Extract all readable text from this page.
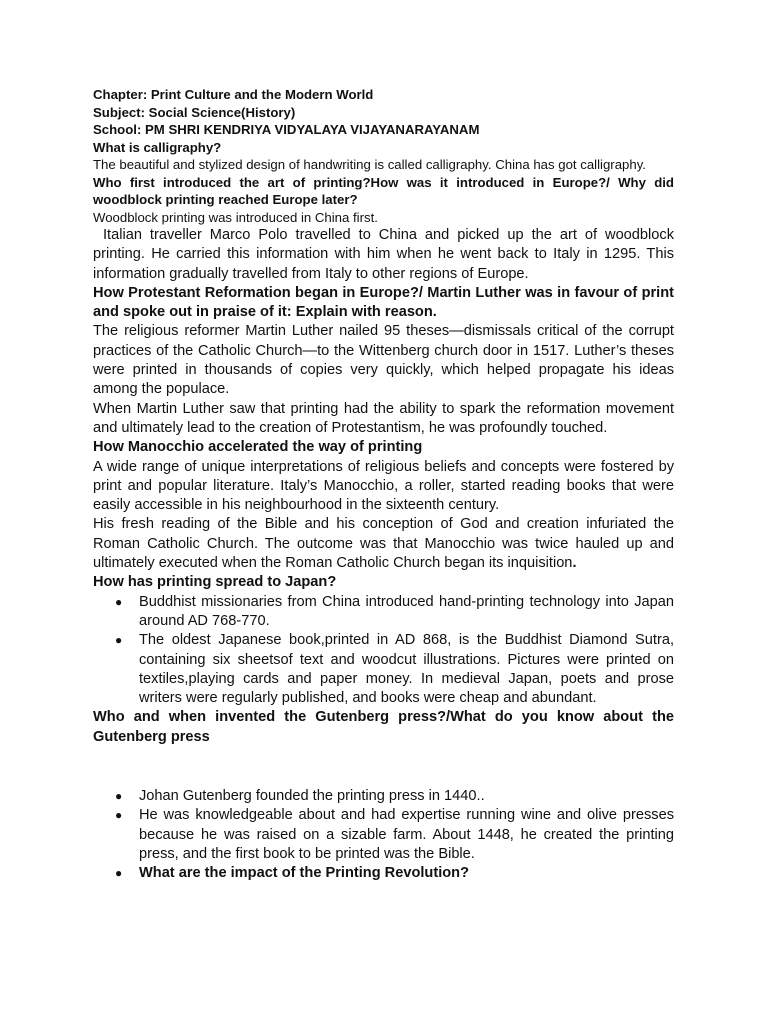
Chapter: Print Culture and the Modern World

Subject: Social Science(History)

School: PM SHRI KENDRIYA VIDYALAYA VIJAYANARAYANAM

What is calligraphy?

The beautiful and stylized design of handwriting is called calligraphy. China has got calligraphy.

Who first introduced the art of printing?How was it introduced in Europe?/ Why did woodblock printing reached Europe later?

Woodblock printing was introduced in China first.

Italian traveller Marco Polo travelled to China and picked up the art of woodblock printing. He carried this information with him when he went back to Italy in 1295. This information gradually travelled from Italy to other regions of Europe.

How Protestant Reformation began in Europe?/ Martin Luther was in favour of print and spoke out in praise of it: Explain with reason.

The religious reformer Martin Luther nailed 95 theses—dismissals critical of the corrupt practices of the Catholic Church—to the Wittenberg church door in 1517. Luther’s theses were printed in thousands of copies very quickly, which helped propagate his ideas among the populace.

When Martin Luther saw that printing had the ability to spark the reformation movement and ultimately lead to the creation of Protestantism, he was profoundly touched.

How Manocchio accelerated the way of printing

A wide range of unique interpretations of religious beliefs and concepts were fostered by print and popular literature. Italy’s Manocchio, a roller, started reading books that were easily accessible in his neighbourhood in the sixteenth century.

His fresh reading of the Bible and his conception of God and creation infuriated the Roman Catholic Church. The outcome was that Manocchio was twice hauled up and ultimately executed when the Roman Catholic Church began its inquisition.

How has printing spread to Japan?

● Buddhist missionaries from China introduced hand-printing technology into Japan around AD 768-770.
● The oldest Japanese book,printed in AD 868, is the Buddhist Diamond Sutra, containing six sheetsof text and woodcut illustrations. Pictures were printed on textiles,playing cards and paper money. In medieval Japan, poets and prose writers were regularly published, and books were cheap and abundant.

Who and when invented the Gutenberg press?/What do you know about the Gutenberg press

● Johan Gutenberg founded the printing press in 1440..
● He was knowledgeable about and had expertise running wine and olive presses because he was raised on a sizable farm. About 1448, he created the printing press, and the first book to be printed was the Bible.
● What are the impact of the Printing Revolution?
